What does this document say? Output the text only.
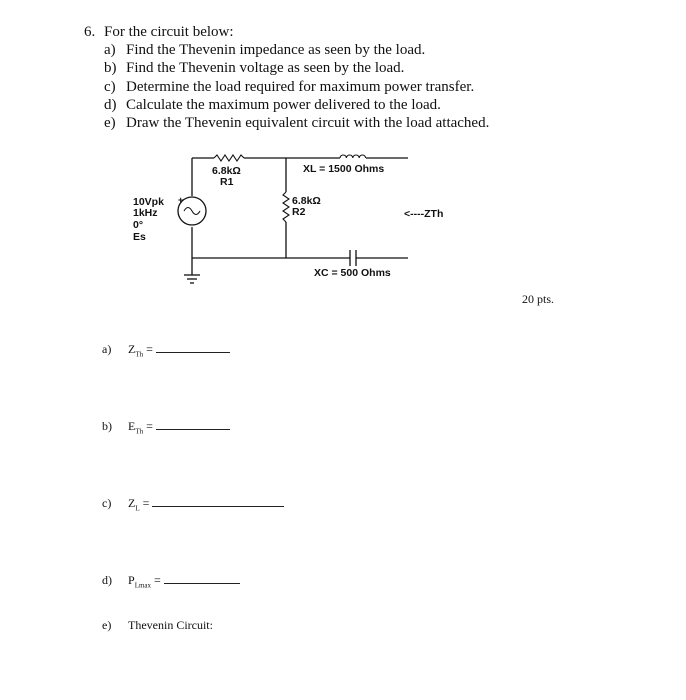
6. For the circuit below:
a) Find the Thevenin impedance as seen by the load.
b) Find the Thevenin voltage as seen by the load.
c) Determine the load required for maximum power transfer.
d) Calculate the maximum power delivered to the load.
e) Draw the Thevenin equivalent circuit with the load attached.
+
6.8kΩ
R1
XL = 1500 Ohms
6.8kΩ
R2	<----ZTh
XC = 500 Ohms
10Vpk
1kHz
0°
Es
20 pts.
a) $Z_{Th}$ =
b) $E_{Th}$ =
c) $Z_L$ =
d) $P_{Lmax}$ =
e) Thevenin Circuit:
